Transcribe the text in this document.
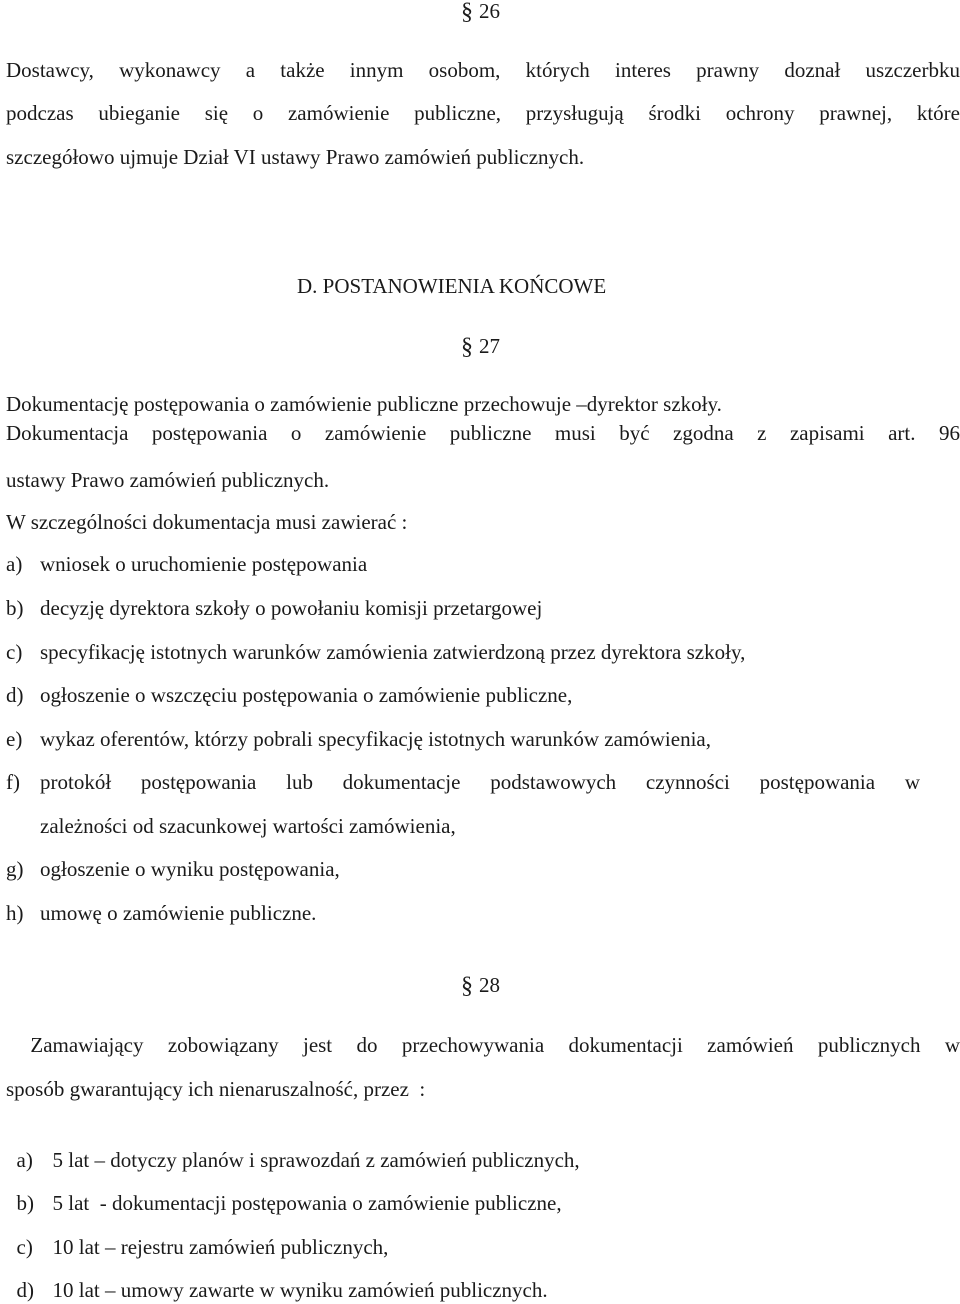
§ 26
Dostawcy, wykonawcy a także innym osobom, których interes prawny doznał uszczerbku
podczas ubieganie się o zamówienie publiczne, przysługują środki ochrony prawnej, które
szczegółowo ujmuje Dział VI ustawy Prawo zamówień publicznych.
D. POSTANOWIENIA KOŃCOWE
§ 27
Dokumentację postępowania o zamówienie publiczne przechowuje –dyrektor szkoły.
Dokumentacja postępowania o zamówienie publiczne musi być zgodna z zapisami art. 96
ustawy Prawo zamówień publicznych.
W szczególności dokumentacja musi zawierać :
a) wniosek o uruchomienie postępowania
b) decyzję dyrektora szkoły o powołaniu komisji przetargowej
c) specyfikację istotnych warunków zamówienia zatwierdzoną przez dyrektora szkoły,
d) ogłoszenie o wszczęciu postępowania o zamówienie publiczne,
e) wykaz oferentów, którzy pobrali specyfikację istotnych warunków zamówienia,
f) protokół postępowania lub dokumentacje podstawowych czynności postępowania w
zależności od szacunkowej wartości zamówienia,
g) ogłoszenie o wyniku postępowania,
h) umowę o zamówienie publiczne.
§ 28
Zamawiający zobowiązany jest do przechowywania dokumentacji zamówień publicznych w
sposób gwarantujący ich nienaruszalność, przez  :

a) 5 lat – dotyczy planów i sprawozdań z zamówień publicznych,

b) 5 lat  - dokumentacji postępowania o zamówienie publiczne,

c) 10 lat – rejestru zamówień publicznych,

d) 10 lat – umowy zawarte w wyniku zamówień publicznych.
